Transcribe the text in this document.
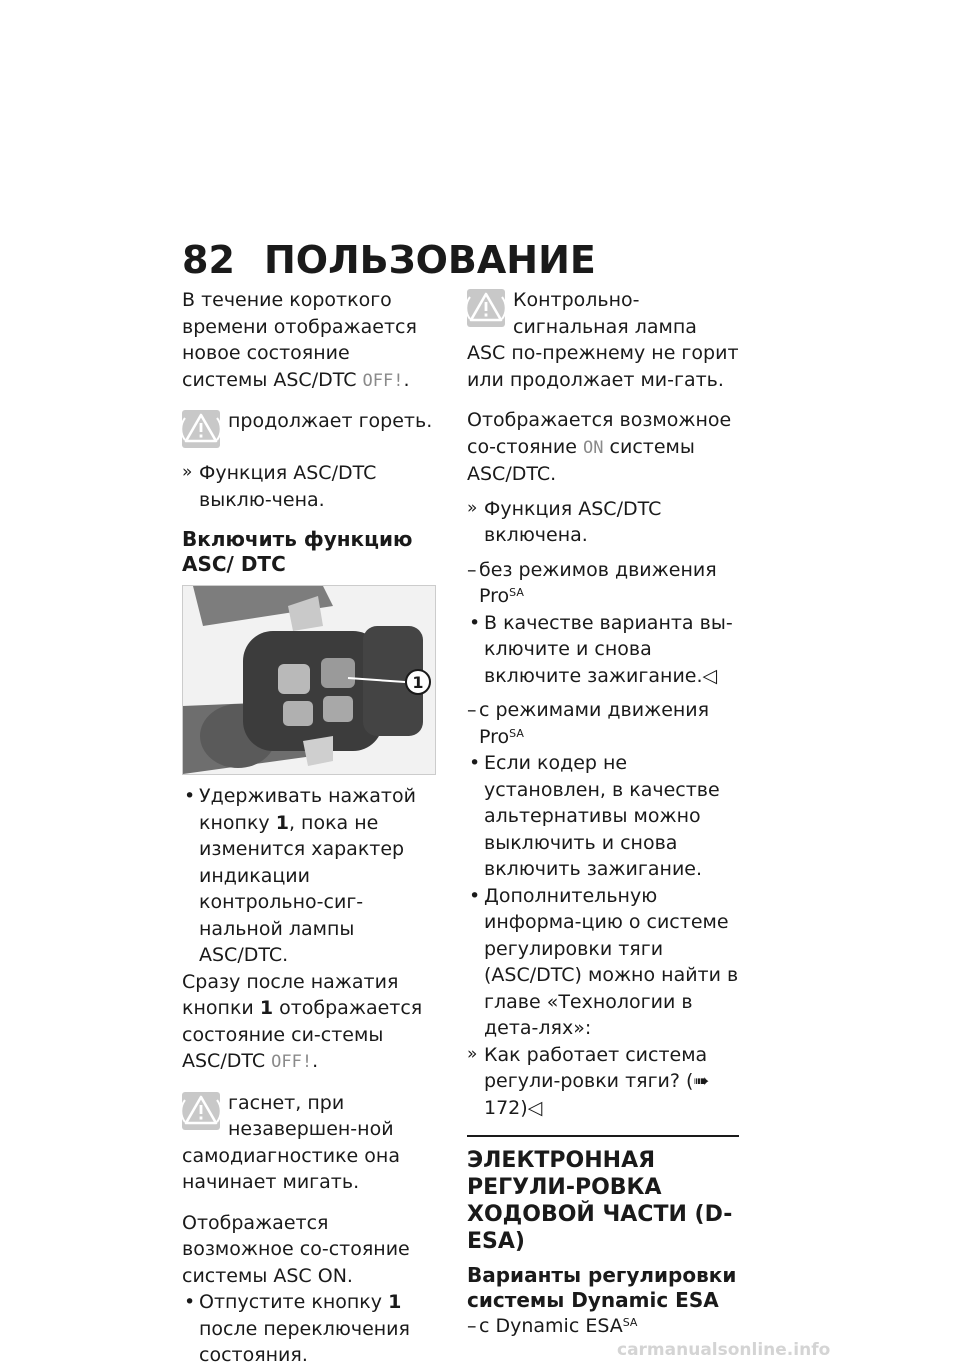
82 ПОЛЬЗОВАНИЕ

В течение короткого времени отображается новое состояние системы ASC/DTC OFF!.

продолжает гореть.

» Функция ASC/DTC выклю-чена.

Включить функцию ASC/ DTC

1

• Удерживать нажатой кнопку 1, пока не изменится характер индикации контрольно-сиг-нальной лампы ASC/DTC.

Сразу после нажатия кнопки 1 отображается состояние си-стемы ASC/DTC OFF!.

гаснет, при незавершен-ной самодиагностике она начинает мигать.

Отображается возможное со-стояние системы ASC ON.

• Отпустите кнопку 1 после переключения состояния.

Контрольно-сигнальная лампа ASC по-прежнему не горит или продолжает ми-гать.

Отображается возможное со-стояние ON системы ASC/DTC.

» Функция ASC/DTC включена.

– без режимов движения Pro$^{SA}$

• В качестве варианта вы-ключите и снова включите зажигание.◁

– с режимами движения Pro$^{SA}$

• Если кодер не установлен, в качестве альтернативы можно выключить и снова включить зажигание.

• Дополнительную информа-цию о системе регулировки тяги (ASC/DTC) можно найти в главе «Технологии в дета-лях»:

» Как работает система регули-ровки тяги? (➠ 172)◁

ЭЛЕКТРОННАЯ РЕГУЛИ-РОВКА ХОДОВОЙ ЧАСТИ (D-ESA)

Варианты регулировки системы Dynamic ESA

– с Dynamic $ESA^{SA}$

carmanualsonline.info
